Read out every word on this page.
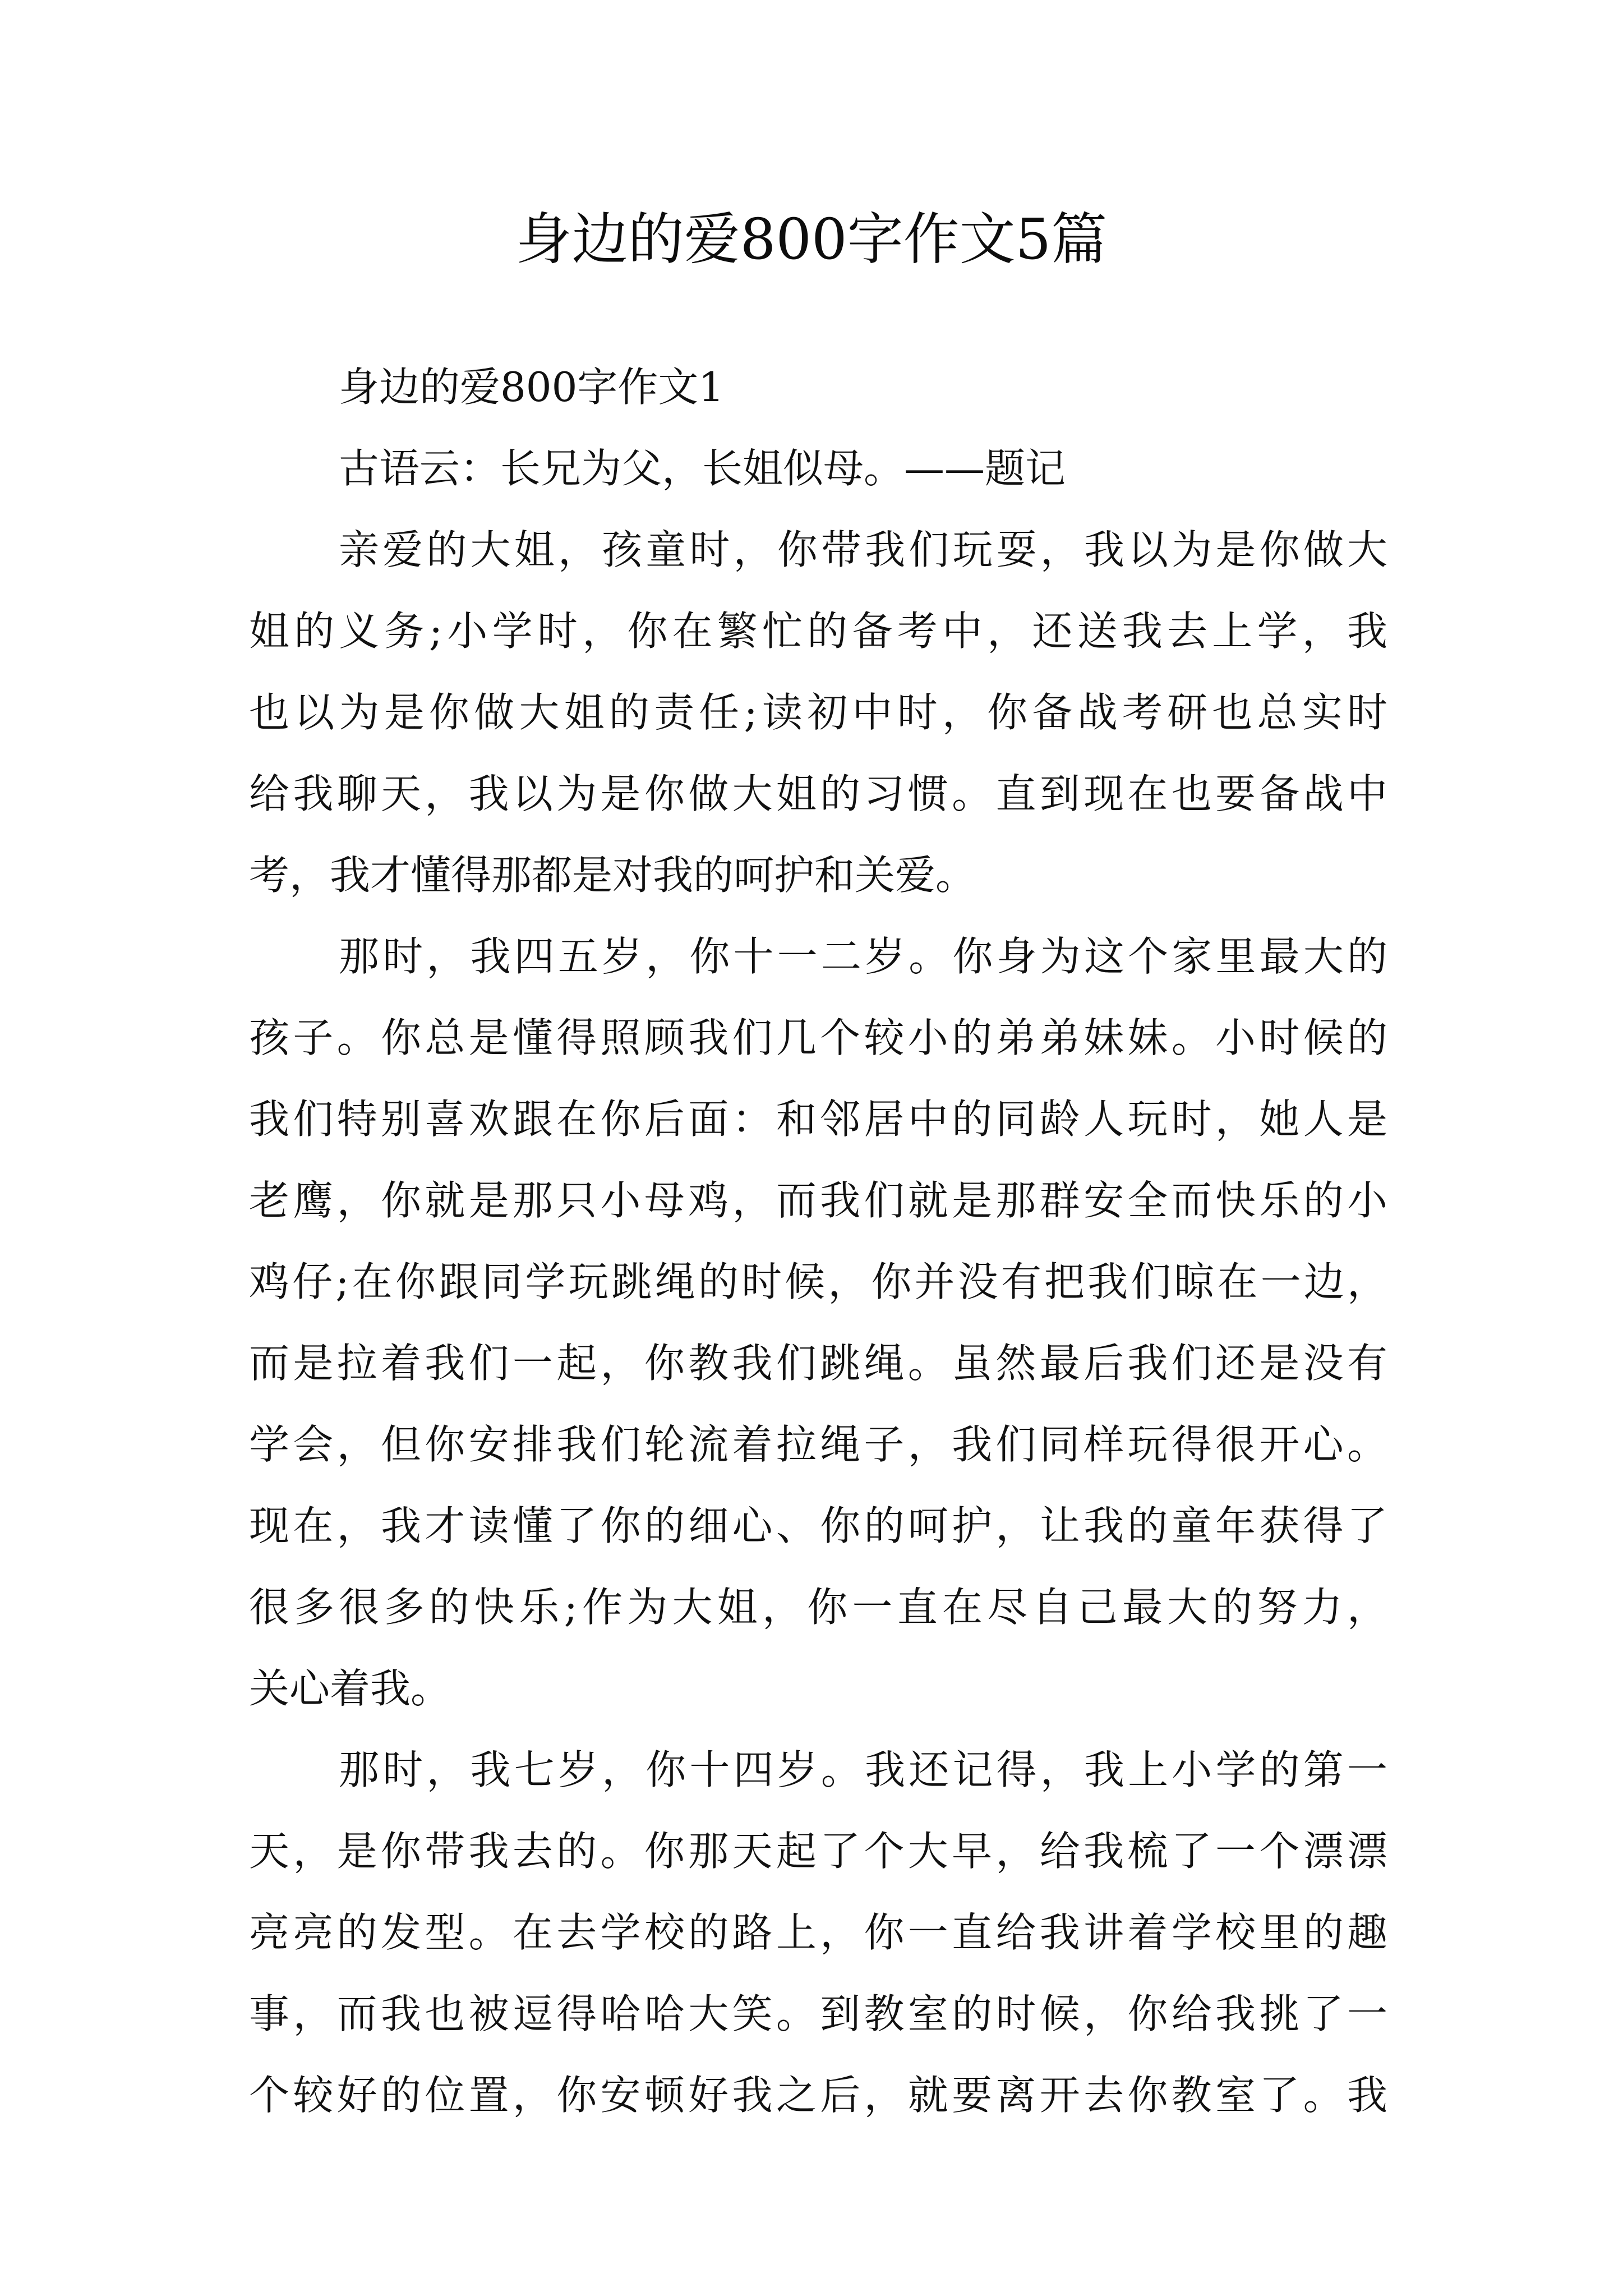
身边的爱800字作文5篇
身边的爱800字作文1
古语云：长兄为父，长姐似母。——题记
亲爱的大姐，孩童时，你带我们玩耍，我以为是你做大
姐的义务;小学时，你在繁忙的备考中，还送我去上学，我
也以为是你做大姐的责任;读初中时，你备战考研也总实时
给我聊天，我以为是你做大姐的习惯。直到现在也要备战中
考，我才懂得那都是对我的呵护和关爱。
那时，我四五岁，你十一二岁。你身为这个家里最大的
孩子。你总是懂得照顾我们几个较小的弟弟妹妹。小时候的
我们特别喜欢跟在你后面：和邻居中的同龄人玩时，她人是
老鹰，你就是那只小母鸡，而我们就是那群安全而快乐的小
鸡仔;在你跟同学玩跳绳的时候，你并没有把我们晾在一边，
而是拉着我们一起，你教我们跳绳。虽然最后我们还是没有
学会，但你安排我们轮流着拉绳子，我们同样玩得很开心。
现在，我才读懂了你的细心、你的呵护，让我的童年获得了
很多很多的快乐;作为大姐，你一直在尽自己最大的努力，
关心着我。
那时，我七岁，你十四岁。我还记得，我上小学的第一
天，是你带我去的。你那天起了个大早，给我梳了一个漂漂
亮亮的发型。在去学校的路上，你一直给我讲着学校里的趣
事，而我也被逗得哈哈大笑。到教室的时候，你给我挑了一
个较好的位置，你安顿好我之后，就要离开去你教室了。我
